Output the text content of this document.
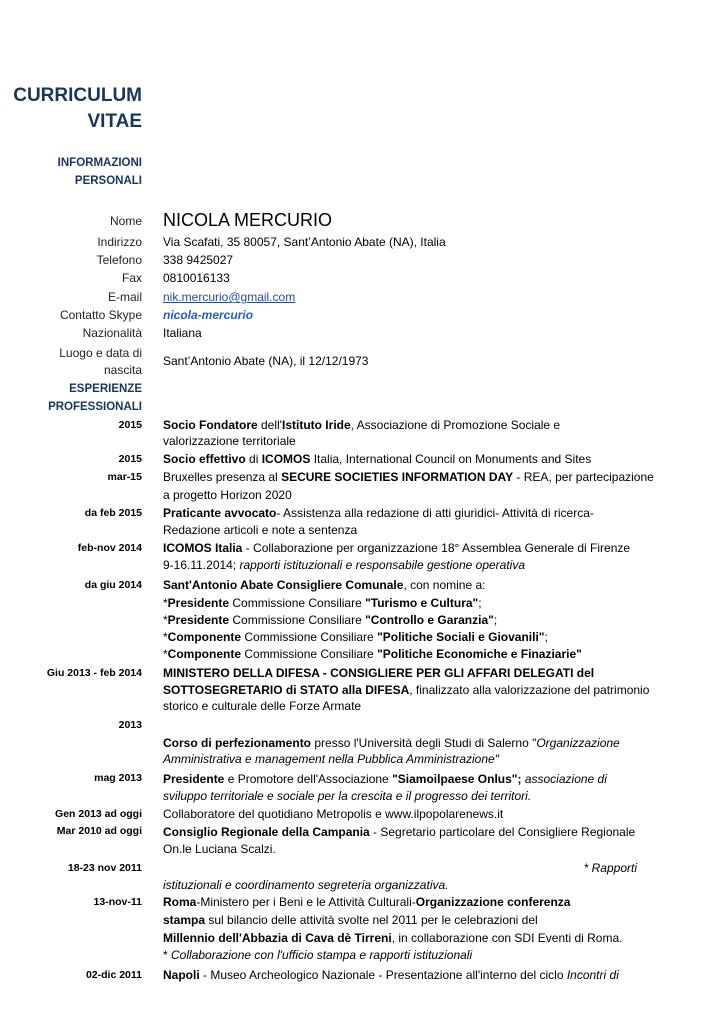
CURRICULUM
VITAE
INFORMAZIONI
PERSONALI
Nome NICOLA MERCURIO
Indirizzo Via Scafati, 35 80057, Sant’Antonio Abate (NA), Italia
Telefono 338 9425027
Fax 0810016133
E-mail nik.mercurio@gmail.com
Contatto Skype nicola-mercurio
Nazionalità Italiana
Luogo e data di
nascita
Sant’Antonio Abate (NA), il 12/12/1973
ESPERIENZE
PROFESSIONALI
2015 Socio Fondatore dell'Istituto Iride, Associazione di Promozione Sociale e
valorizzazione territoriale
2015 Socio effettivo di ICOMOS Italia, International Council on Monuments and Sites
mar-15 Bruxelles presenza al SECURE SOCIETIES INFORMATION DAY - REA, per partecipazione
a progetto Horizon 2020
da feb 2015 Praticante avvocato- Assistenza alla redazione di atti giuridici- Attività di ricerca-
Redazione articoli e note a sentenza
feb-nov 2014 ICOMOS Italia - Collaborazione per organizzazione 18° Assemblea Generale di Firenze
9-16.11.2014; rapporti istituzionali e responsabile gestione operativa
da giu 2014 Sant'Antonio Abate Consigliere Comunale, con nomine a:
*Presidente Commissione Consiliare "Turismo e Cultura";
*Presidente Commissione Consiliare "Controllo e Garanzia";
*Componente Commissione Consiliare "Politiche Sociali e Giovanili";
*Componente Commissione Consiliare "Politiche Economiche e Finaziarie"
Giu 2013 - feb 2014 MINISTERO DELLA DIFESA - CONSIGLIERE PER GLI AFFARI DELEGATI del
SOTTOSEGRETARIO di STATO alla DIFESA, finalizzato alla valorizzazione del patrimonio
storico e culturale delle Forze Armate
2013
Corso di perfezionamento presso l'Università degli Studi di Salerno "Organizzazione
Amministrativa e management nella Pubblica Amministrazione"
mag 2013 Presidente e Promotore dell'Associazione "Siamoilpaese Onlus"; associazione di
sviluppo territoriale e sociale per la crescita e il progresso dei territori.
Gen 2013 ad oggi Collaboratore del quotidiano Metropolis e www.ilpopolarenews.it
Mar 2010 ad oggi Consiglio Regionale della Campania - Segretario particolare del Consigliere Regionale
On.le Luciana Scalzi.
18-23 nov 2011	* Rapporti
istituzionali e coordinamento segreteria organizzativa.
13-nov-11 Roma-Ministero per i Beni e le Attività Culturali-Organizzazione conferenza
stampa sul bilancio delle attività svolte nel 2011 per le celebrazioni del
Millennio dell'Abbazia di Cava dè Tirreni, in collaborazione con SDI Eventi di Roma.
* Collaborazione con l'ufficio stampa e rapporti istituzionali
02-dic 2011 Napoli - Museo Archeologico Nazionale - Presentazione all'interno del ciclo Incontri di
